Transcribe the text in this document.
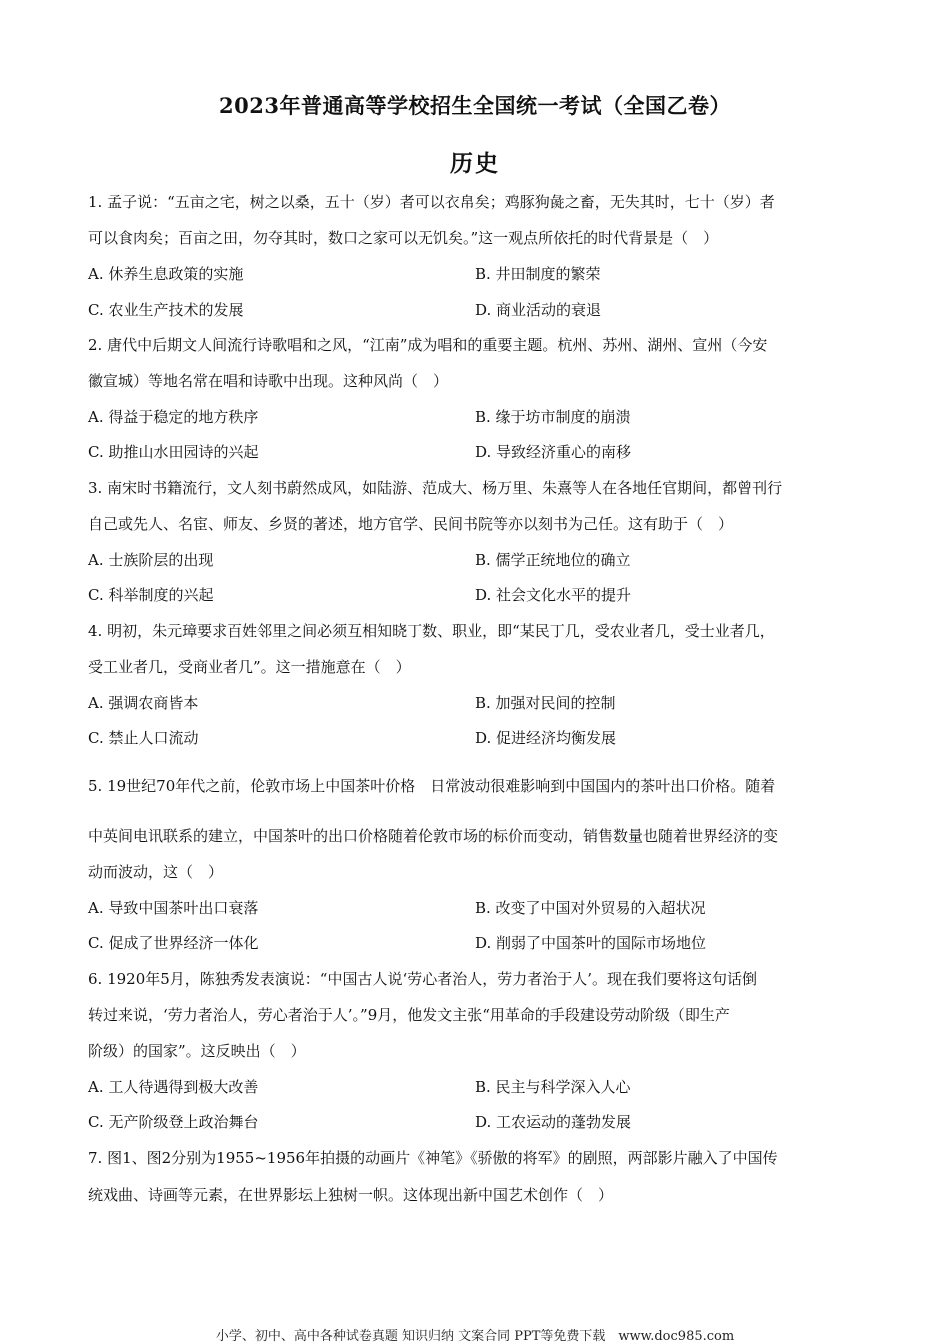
2023年普通高等学校招生全国统一考试（全国乙卷）
历史
1. 孟子说：“五亩之宅，树之以桑，五十（岁）者可以衣帛矣；鸡豚狗彘之畜，无失其时，七十（岁）者
可以食肉矣；百亩之田，勿夺其时，数口之家可以无饥矣。”这一观点所依托的时代背景是（　）
A. 休养生息政策的实施	B. 井田制度的繁荣
C. 农业生产技术的发展	D. 商业活动的衰退
2. 唐代中后期文人间流行诗歌唱和之风，“江南”成为唱和的重要主题。杭州、苏州、湖州、宣州（今安
徽宣城）等地名常在唱和诗歌中出现。这种风尚（　）
A. 得益于稳定的地方秩序	B. 缘于坊市制度的崩溃
C. 助推山水田园诗的兴起	D. 导致经济重心的南移
3. 南宋时书籍流行，文人刻书蔚然成风，如陆游、范成大、杨万里、朱熹等人在各地任官期间，都曾刊行
自己或先人、名宦、师友、乡贤的著述，地方官学、民间书院等亦以刻书为己任。这有助于（　）
A. 士族阶层的出现	B. 儒学正统地位的确立
C. 科举制度的兴起	D. 社会文化水平的提升
4. 明初，朱元璋要求百姓邻里之间必须互相知晓丁数、职业，即“某民丁几，受农业者几，受士业者几，
受工业者几，受商业者几”。这一措施意在（　）
A. 强调农商皆本	B. 加强对民间的控制
C. 禁止人口流动	D. 促进经济均衡发展
5. 19世纪70年代之前，伦敦市场上中国茶叶价格　日常波动很难影响到中国国内的茶叶出口价格。随着
中英间电讯联系的建立，中国茶叶的出口价格随着伦敦市场的标价而变动，销售数量也随着世界经济的变
动而波动，这（　）
A. 导致中国茶叶出口衰落	B. 改变了中国对外贸易的入超状况
C. 促成了世界经济一体化	D. 削弱了中国茶叶的国际市场地位
6. 1920年5月，陈独秀发表演说：“中国古人说‘劳心者治人，劳力者治于人’。现在我们要将这句话倒
转过来说，‘劳力者治人，劳心者治于人’。”9月，他发文主张“用革命的手段建设劳动阶级（即生产
阶级）的国家”。这反映出（　）
A. 工人待遇得到极大改善	B. 民主与科学深入人心
C. 无产阶级登上政治舞台	D. 工农运动的蓬勃发展
7. 图1、图2分别为1955~1956年拍摄的动画片《神笔》《骄傲的将军》的剧照，两部影片融入了中国传
统戏曲、诗画等元素，在世界影坛上独树一帜。这体现出新中国艺术创作（　）
小学、初中、高中各种试卷真题 知识归纳 文案合同 PPT等免费下载　www.doc985.com
